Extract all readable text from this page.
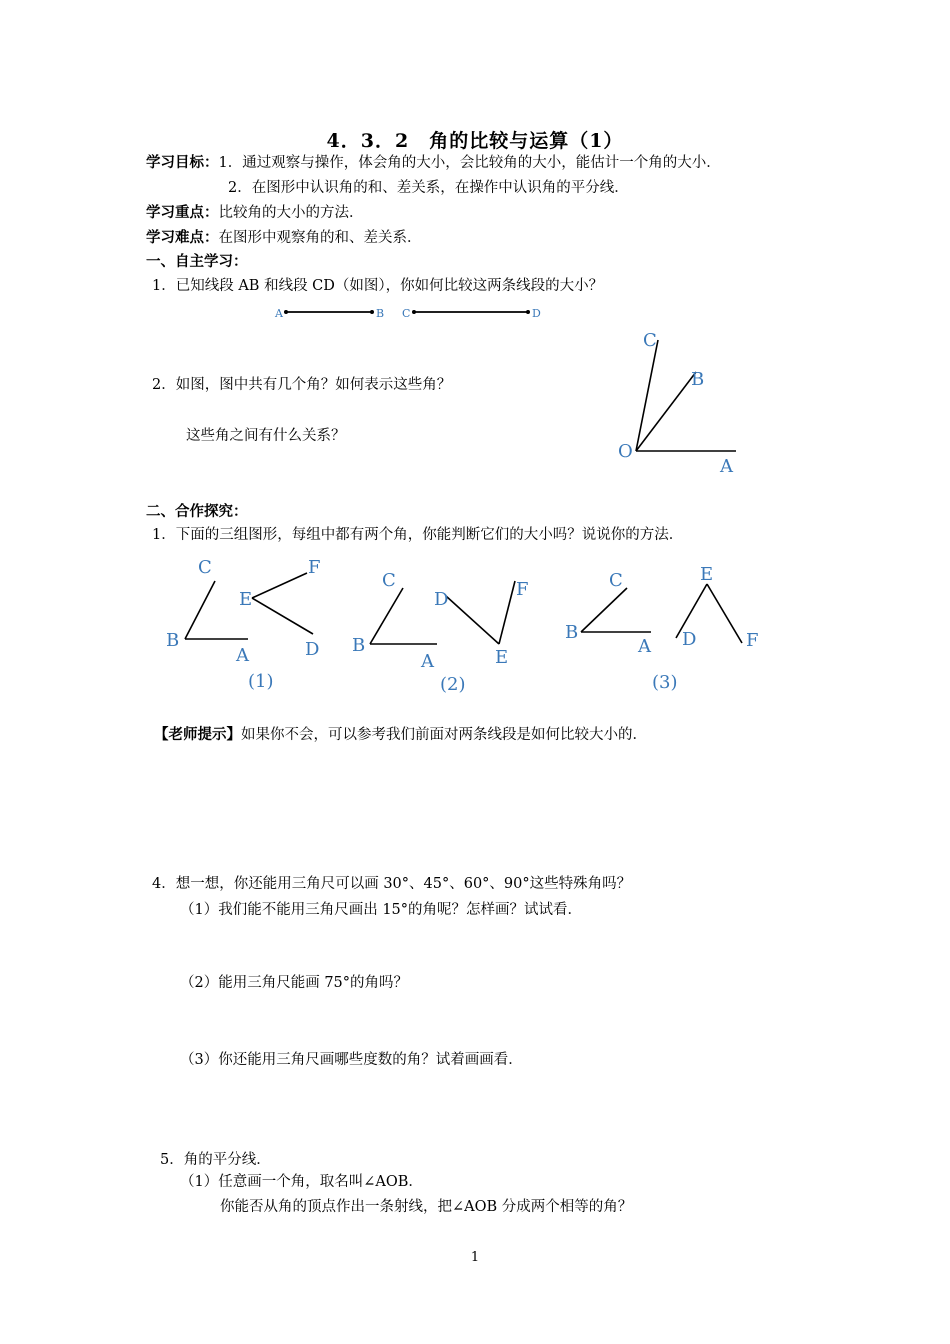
4．3．2　角的比较与运算（1）
学习目标：1．通过观察与操作，体会角的大小，会比较角的大小，能估计一个角的大小．
2．在图形中认识角的和、差关系，在操作中认识角的平分线．
学习重点：比较角的大小的方法．
学习难点：在图形中观察角的和、差关系．
一、自主学习：
1．已知线段 AB 和线段 CD（如图），你如何比较这两条线段的大小？
A	B C	D
2．如图，图中共有几个角？如何表示这些角？
这些角之间有什么关系？
C
B
O
A
二、合作探究：
1．下面的三组图形，每组中都有两个角，你能判断它们的大小吗？说说你的方法．
C
B
A
E
F
D
(1)
C
B
A
D	F
E
(2)
C
B
A
E
D	F
(3)
【老师提示】如果你不会，可以参考我们前面对两条线段是如何比较大小的．
4．想一想，你还能用三角尺可以画 30°、45°、60°、90°这些特殊角吗？
（1）我们能不能用三角尺画出 15°的角呢？怎样画？试试看．
（2）能用三角尺能画 75°的角吗？
（3）你还能用三角尺画哪些度数的角？试着画画看．
5．角的平分线．
（1）任意画一个角，取名叫∠AOB．
你能否从角的顶点作出一条射线，把∠AOB 分成两个相等的角？
1
